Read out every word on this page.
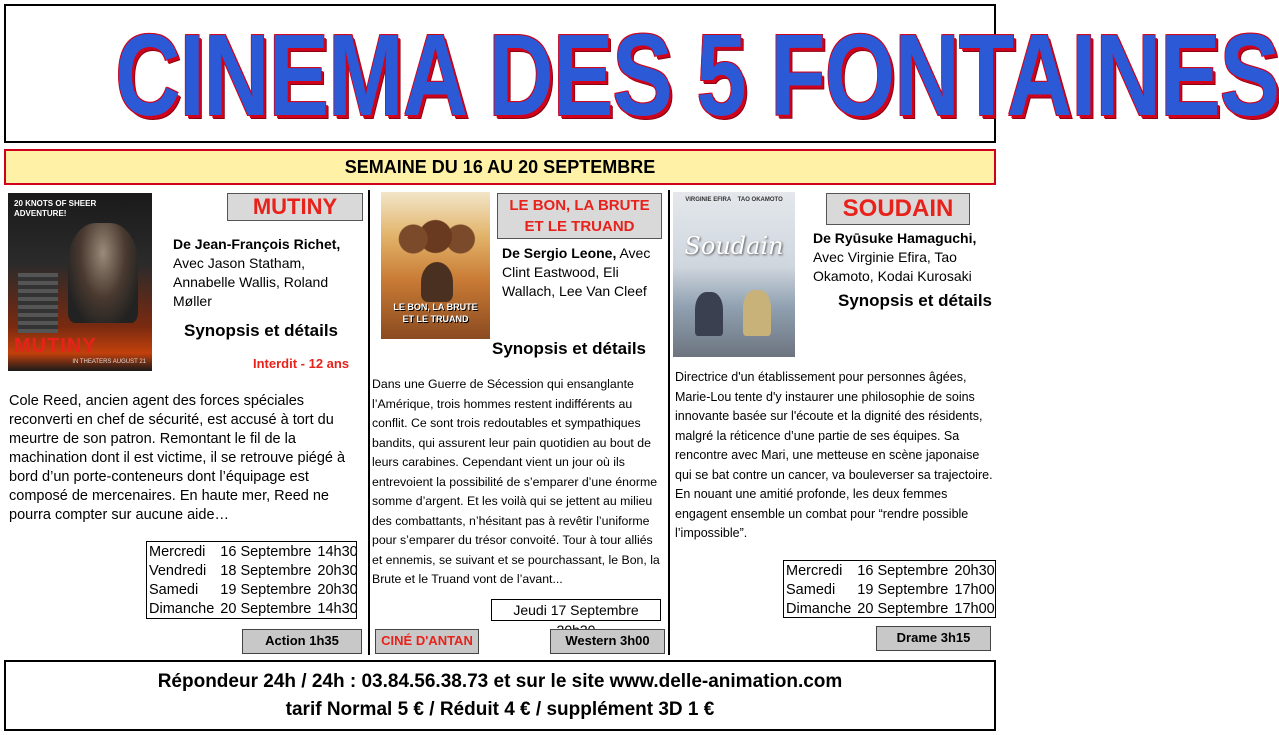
CINEMA DES 5 FONTAINES
SEMAINE DU 16 AU 20 SEPTEMBRE
20 KNOTS OF SHEER ADVENTURE!
MUTINY
IN THEATERS AUGUST 21
MUTINY
De Jean-François Richet, Avec Jason Statham, Annabelle Wallis, Roland Møller
Synopsis et détails
Interdit - 12 ans
Cole Reed, ancien agent des forces spéciales reconverti en chef de sécurité, est accusé à tort du meurtre de son patron. Remontant le fil de la machination dont il est victime, il se retrouve piégé à bord d’un porte-conteneurs dont l’équipage est composé de mercenaires. En haute mer, Reed ne pourra compter sur aucune aide…
Mercredi	16 Septembre	14h30
Vendredi	18 Septembre	20h30
Samedi	19 Septembre	20h30
Dimanche	20 Septembre	14h30
Action 1h35
LE BON, LA BRUTE
ET LE TRUAND
LE BON, LA BRUTE
ET LE TRUAND
De Sergio Leone, Avec Clint Eastwood, Eli Wallach, Lee Van Cleef
Synopsis et détails
Dans une Guerre de Sécession qui ensanglante l’Amérique, trois hommes restent indifférents au conflit. Ce sont trois redoutables et sympathiques bandits, qui assurent leur pain quotidien au bout de leurs carabines. Cependant vient un jour où ils entrevoient la possibilité de s’emparer d’une énorme somme d’argent. Et les voilà qui se jettent au milieu des combattants, n’hésitant pas à revêtir l’uniforme pour s’emparer du trésor convoité. Tour à tour alliés et ennemis, se suivant et se pourchassant, le Bon, la Brute et le Truand vont de l’avant...
Jeudi 17 Septembre
CINÉ D'ANTAN	Western 3h00
VIRGINIE EFIRA    TAO OKAMOTO
Soudain
SOUDAIN
De Ryūsuke Hamaguchi, Avec Virginie Efira, Tao Okamoto, Kodai Kurosaki
Synopsis et détails
Directrice d'un établissement pour personnes âgées, Marie-Lou tente d'y instaurer une philosophie de soins innovante basée sur l'écoute et la dignité des résidents, malgré la réticence d’une partie de ses équipes. Sa rencontre avec Mari, une metteuse en scène japonaise qui se bat contre un cancer, va bouleverser sa trajectoire. En nouant une amitié profonde, les deux femmes engagent ensemble un combat pour “rendre possible l’impossible”.
Mercredi	16 Septembre	20h30
Samedi	19 Septembre	17h00
Dimanche	20 Septembre	17h00
Drame 3h15
Répondeur 24h / 24h : 03.84.56.38.73 et sur le site www.delle-animation.com
tarif Normal 5 € / Réduit 4 € / supplément 3D 1 €
